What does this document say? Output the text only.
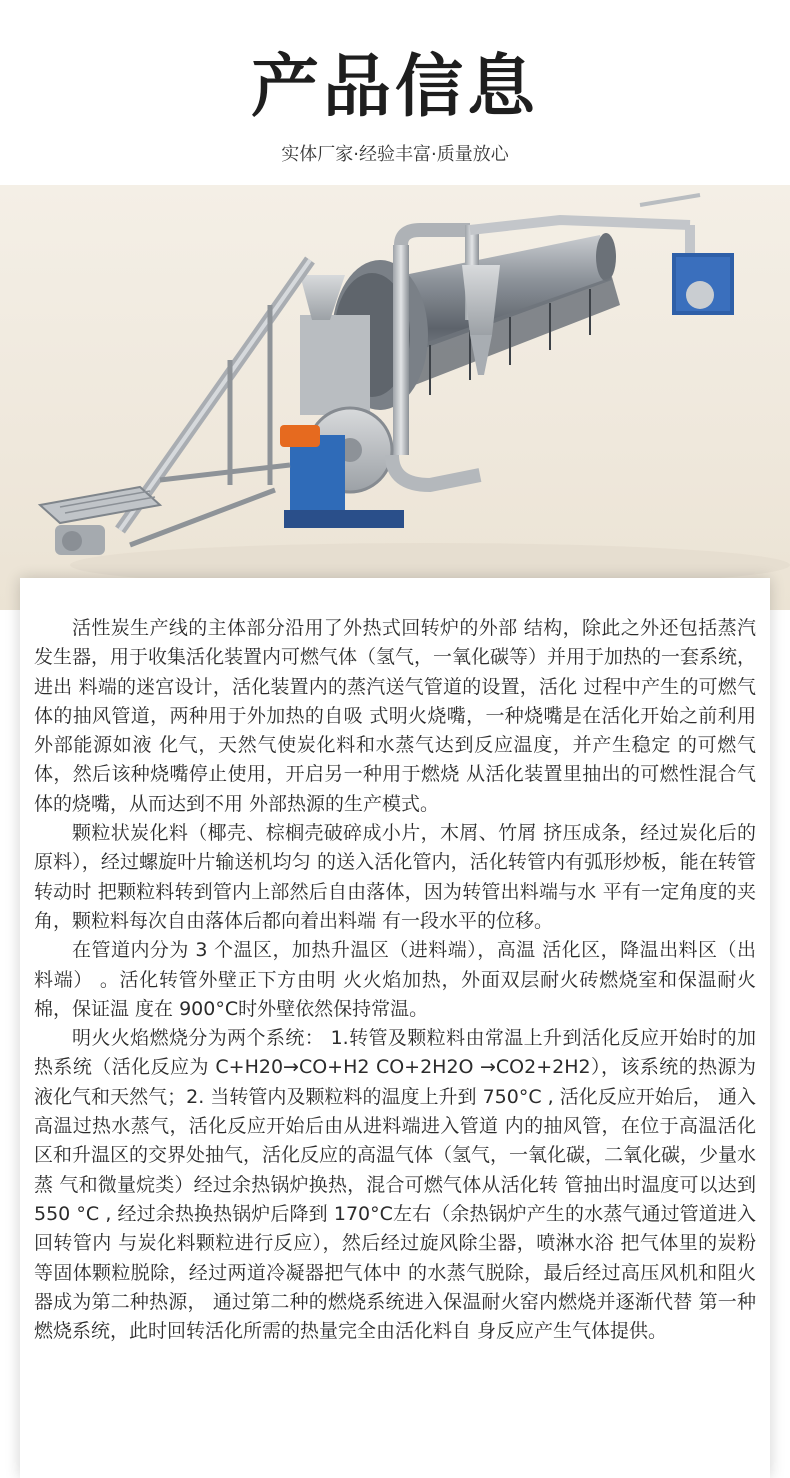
产品信息
实体厂家·经验丰富·质量放心

活性炭生产线的主体部分沿用了外热式回转炉的外部 结构，除此之外还包括蒸汽发生器，用于收集活化装置内可燃气体（氢气，一氧化碳等）并用于加热的一套系统，进出 料端的迷宫设计，活化装置内的蒸汽送气管道的设置，活化 过程中产生的可燃气体的抽风管道，两种用于外加热的自吸 式明火烧嘴，一种烧嘴是在活化开始之前利用外部能源如液 化气，天然气使炭化料和水蒸气达到反应温度，并产生稳定 的可燃气体，然后该种烧嘴停止使用，开启另一种用于燃烧 从活化装置里抽出的可燃性混合气体的烧嘴，从而达到不用 外部热源的生产模式。

颗粒状炭化料（椰壳、棕榈壳破碎成小片，木屑、竹屑 挤压成条，经过炭化后的原料），经过螺旋叶片输送机均匀 的送入活化管内，活化转管内有弧形炒板，能在转管转动时 把颗粒料转到管内上部然后自由落体，因为转管出料端与水 平有一定角度的夹角，颗粒料每次自由落体后都向着出料端 有一段水平的位移。

在管道内分为 3 个温区，加热升温区（进料端），高温 活化区，降温出料区（出料端） 。活化转管外壁正下方由明 火火焰加热，外面双层耐火砖燃烧室和保温耐火棉，保证温 度在 900°C时外壁依然保持常温。

明火火焰燃烧分为两个系统： 1.转管及颗粒料由常温上升到活化反应开始时的加热系统（活化反应为 C+H20→CO+H2 CO+2H2O →CO2+2H2），该系统的热源为液化气和天然气；2. 当转管内及颗粒料的温度上升到 750°C , 活化反应开始后， 通入高温过热水蒸气，活化反应开始后由从进料端进入管道 内的抽风管，在位于高温活化区和升温区的交界处抽气，活化反应的高温气体（氢气，一氧化碳，二氧化碳，少量水蒸 气和微量烷类）经过余热锅炉换热，混合可燃气体从活化转 管抽出时温度可以达到 550 °C , 经过余热换热锅炉后降到 170°C左右（余热锅炉产生的水蒸气通过管道进入回转管内 与炭化料颗粒进行反应），然后经过旋风除尘器，喷淋水浴 把气体里的炭粉等固体颗粒脱除，经过两道冷凝器把气体中 的水蒸气脱除，最后经过高压风机和阻火器成为第二种热源， 通过第二种的燃烧系统进入保温耐火窑内燃烧并逐渐代替 第一种燃烧系统，此时回转活化所需的热量完全由活化料自 身反应产生气体提供。
